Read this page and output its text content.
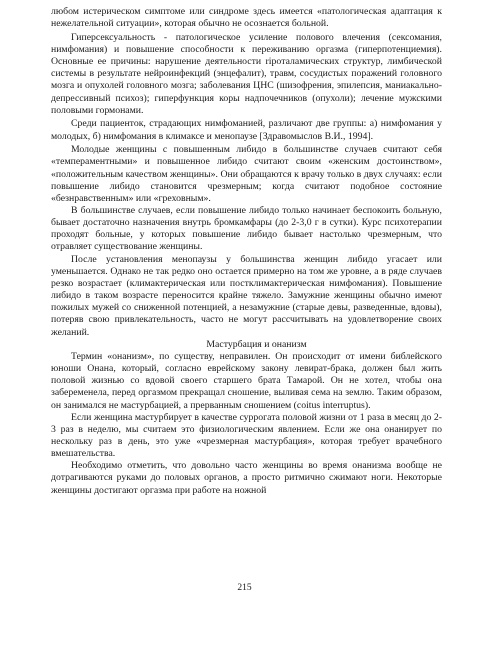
любом истерическом симптоме или синдроме здесь имеется «патологическая адаптация к нежелательной ситуации», которая обычно не осознается больной.

Гиперсексуальность - патологическое усиление полового влечения (сексомания, нимфомания) и повышение способности к переживанию оргазма (гиперпотенциемия). Основные ее причины: нарушение деятельности ripoталамических структур, лимбической системы в результате нейроинфекций (энцефалит), травм, сосудистых поражений головного мозга и опухолей головного мозга; заболевания ЦНС (шизофрения, эпилепсия, маниакально-депрессивный психоз); гиперфункция коры надпочечников (опухоли); лечение мужскими половыми гормонами.

Среди пациенток, страдающих нимфоманией, различают две группы: а) нимфомания у молодых, б) нимфомания в климаксе и менопаузе [Здравомыслов В.И., 1994].

Молодые женщины с повышенным либидо в большинстве случаев считают себя «темпераментными» и повышенное либидо считают своим «женским достоинством», «положительным качеством женщины». Они обращаются к врачу только в двух случаях: если повышение либидо становится чрезмерным; когда считают подобное состояние «безнравственным» или «греховным».

В большинстве случаев, если повышение либидо только начинает беспокоить больную, бывает достаточно назначения внутрь бромкамфары (до 2-3,0 г в сутки). Курс психотерапии проходят больные, у которых повышение либидо бывает настолько чрезмерным, что отравляет существование женщины.

После установления менопаузы у большинства женщин либидо угасает или уменьшается. Однако не так редко оно остается примерно на том же уровне, а в ряде случаев резко возрастает (климактерическая или постклимактерическая нимфомания). Повышение либидо в таком возрасте переносится крайне тяжело. Замужние женщины обычно имеют пожилых мужей со сниженной потенцией, а незамужние (старые девы, разведенные, вдовы), потеряв свою привлекательность, часто не могут рассчитывать на удовлетворение своих желаний.

Мастурбация и онанизм

Термин «онанизм», по существу, неправилен. Он происходит от имени библейского юноши Онана, который, согласно еврейскому закону левират-бракa, должен был жить половой жизнью со вдовой своего старшего брата Тамарой. Он не хотел, чтобы она забеременела, перед оргазмом прекращал сношение, выливая сема на землю. Таким образом, он занимался не мастурбацией, а прерванным сношением (coitus interruptus).

Если женщина мастурбирует в качестве суррогата половой жизни от 1 раза в месяц до 2-3 раз в неделю, мы считаем это физиологическим явлением. Если же она онанирует по нескольку раз в день, это уже «чрезмерная мастурбация», которая требует врачебного вмешательства.

Необходимо отметить, что довольно часто женщины во время онанизма вообще не дотрагиваются руками до половых органов, а просто ритмично сжимают ноги. Некоторые женщины достигают оргазма при работе на ножной

215
